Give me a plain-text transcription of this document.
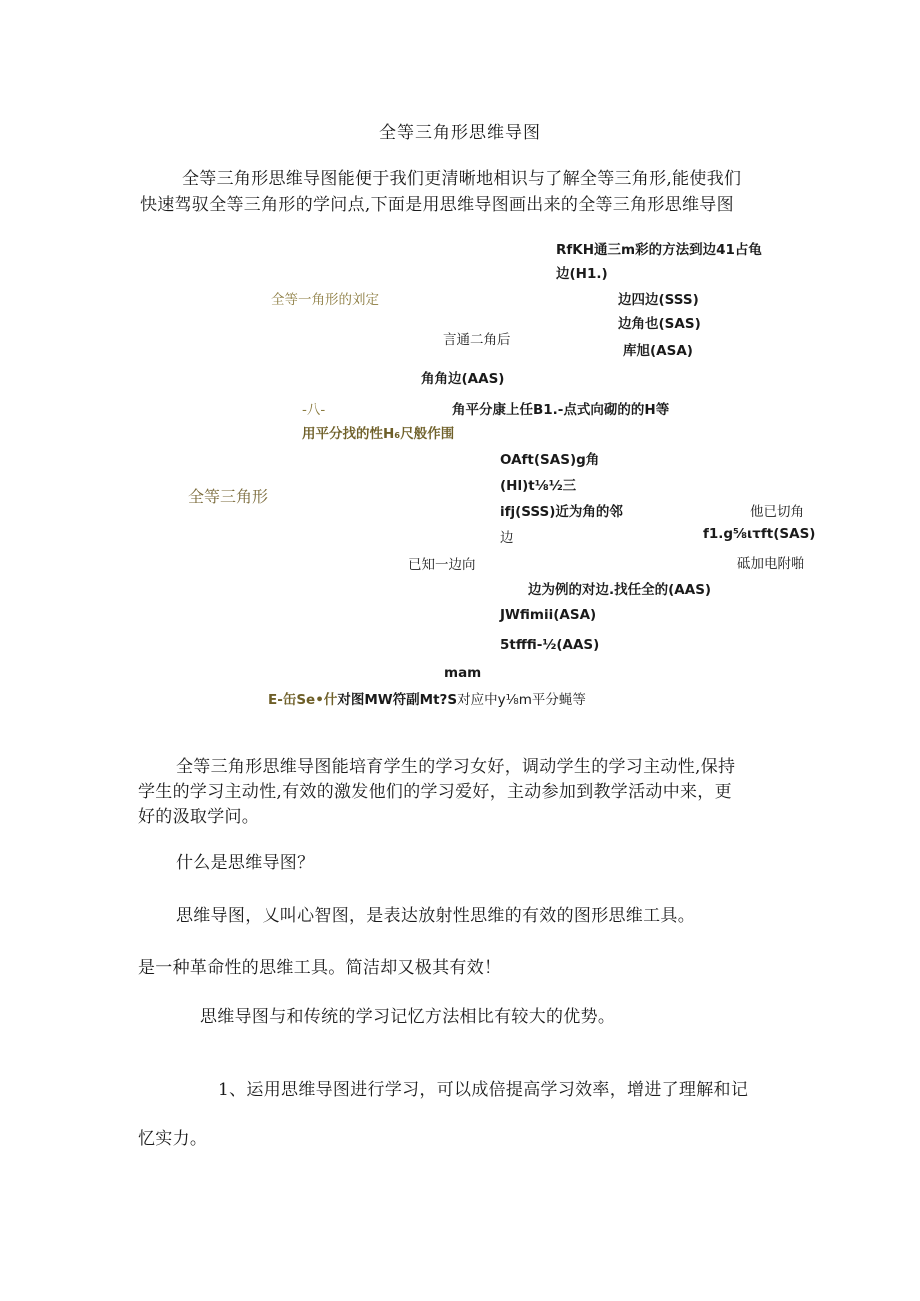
全等三角形思维导图
全等三角形思维导图能便于我们更清晰地相识与了解全等三角形,能使我们
快速驾驭全等三角形的学问点,下面是用思维导图画出来的全等三角形思维导图
RfKH通三m彩的方法到边41占龟
边(H1.)
全等一角形的刘定	边四边(SSS)
边角也(SAS)
言通二角后
库旭(ASA)
角角边(AAS)
-八-	角平分康上任B1.-点式向砌的的H等
用平分找的性H₆尺般作围
OAft(SAS)g角
(Hl)t⅛½三
全等三角形
ifj(SSS)近为角的邻	他已切角
边	f1.g⅝ιτft(SAS)
已知一边向	砥加电附啪
边为例的对边.找任全的(AAS)
JWfimii(ASA)
5tfffi-½(AAS)
mam
E-缶Se•什对图MW符副Mt?S对应中y⅛m平分蝇等
全等三角形思维导图能培育学生的学习女好，调动学生的学习主动性,保持
学生的学习主动性,有效的激发他们的学习爱好，主动参加到教学活动中来，更
好的汲取学问。
什么是思维导图？
思维导图，乂叫心智图，是表达放射性思维的有效的图形思维工具。
是一种革命性的思维工具。简洁却又极其有效！
思维导图与和传统的学习记忆方法相比有较大的优势。
1、运用思维导图进行学习，可以成倍提高学习效率，增进了理解和记
忆实力。
